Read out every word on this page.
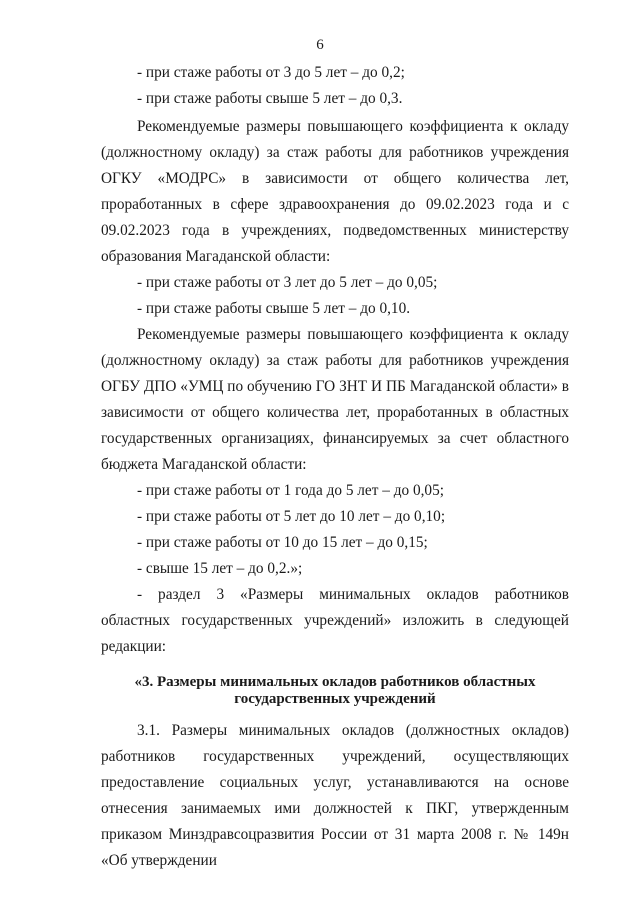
6

- при стаже работы от 3 до 5 лет – до 0,2;

- при стаже работы свыше 5 лет – до 0,3.

Рекомендуемые размеры повышающего коэффициента к окладу (должностному окладу) за стаж работы для работников учреждения ОГКУ «МОДРС» в зависимости от общего количества лет, проработанных в сфере здравоохранения до 09.02.2023 года и с 09.02.2023 года в учреждениях, подведомственных министерству образования Магаданской области:

- при стаже работы от 3 лет до 5 лет – до 0,05;

- при стаже работы свыше 5 лет – до 0,10.

Рекомендуемые размеры повышающего коэффициента к окладу (должностному окладу) за стаж работы для работников учреждения ОГБУ ДПО «УМЦ по обучению ГО ЗНТ И ПБ Магаданской области» в зависимости от общего количества лет, проработанных в областных государственных организациях, финансируемых за счет областного бюджета Магаданской области:

- при стаже работы от 1 года до 5 лет – до 0,05;

- при стаже работы от 5 лет до 10 лет – до 0,10;

- при стаже работы от 10 до 15 лет – до 0,15;

- свыше 15 лет – до 0,2.»;

- раздел 3 «Размеры минимальных окладов работников областных государственных учреждений» изложить в следующей редакции:

«3. Размеры минимальных окладов работников областных государственных учреждений

3.1. Размеры минимальных окладов (должностных окладов) работников государственных учреждений, осуществляющих предоставление социальных услуг, устанавливаются на основе отнесения занимаемых ими должностей к ПКГ, утвержденным приказом Минздравсоцразвития России от 31 марта 2008 г. № 149н «Об утверждении
